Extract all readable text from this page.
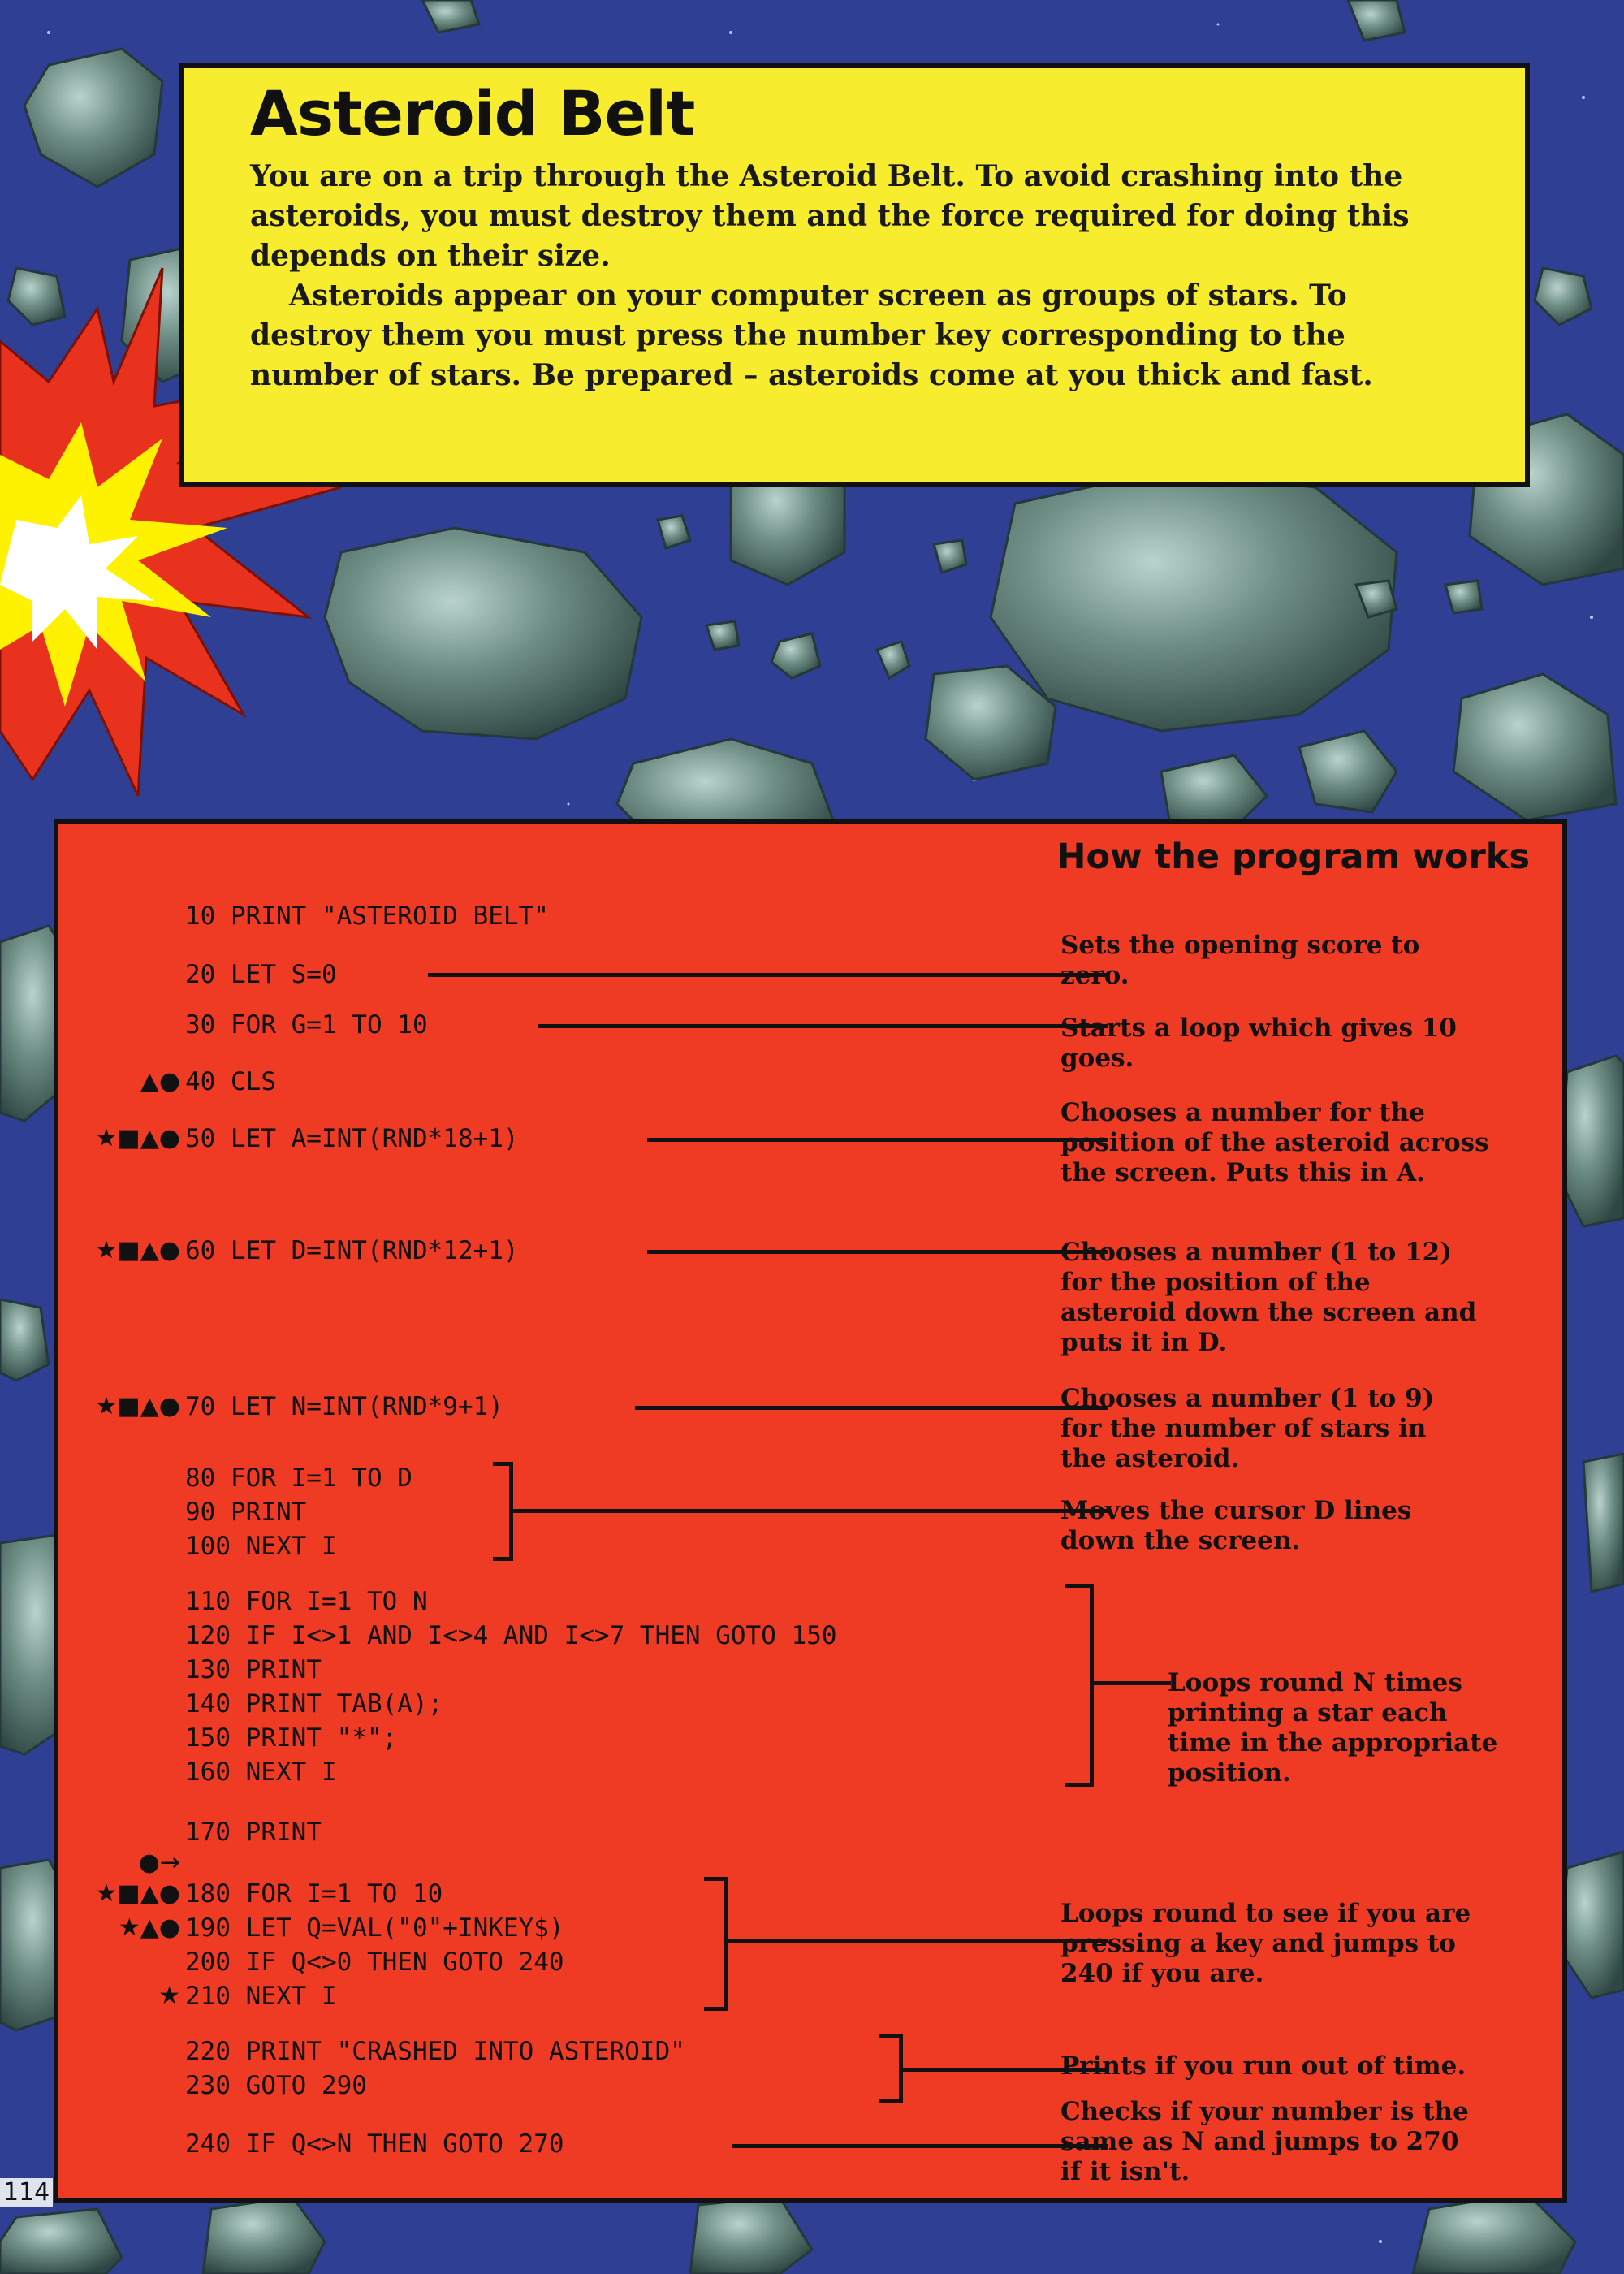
Asteroid Belt

You are on a trip through the Asteroid Belt. To avoid crashing into the asteroids, you must destroy them and the force required for doing this depends on their size.

Asteroids appear on your computer screen as groups of stars. To destroy them you must press the number key corresponding to the number of stars. Be prepared – asteroids come at you thick and fast.

How the program works
10 PRINT "ASTEROID BELT"
20 LET S=0
30 FOR G=1 TO 10
40 CLS
50 LET A=INT(RND*18+1)
60 LET D=INT(RND*12+1)
70 LET N=INT(RND*9+1)
80 FOR I=1 TO D
90 PRINT
100 NEXT I
110 FOR I=1 TO N
120 IF I<>1 AND I<>4 AND I<>7 THEN GOTO 150
130 PRINT
140 PRINT TAB(A);
150 PRINT "*";
160 NEXT I
170 PRINT
180 FOR I=1 TO 10
190 LET Q=VAL("0"+INKEY$)
200 IF Q<>0 THEN GOTO 240
210 NEXT I
220 PRINT "CRASHED INTO ASTEROID"
230 GOTO 290
240 IF Q<>N THEN GOTO 270
▲●
★■▲●
★■▲●
★■▲●
●→
★■▲●
★▲●
★
Sets the opening score to zero.
Starts a loop which gives 10 goes.
Chooses a number for the position of the asteroid across the screen. Puts this in A.
Chooses a number (1 to 12) for the position of the asteroid down the screen and puts it in D.
Chooses a number (1 to 9) for the number of stars in the asteroid.
Moves the cursor D lines down the screen.
Loops round N times printing a star each time in the appropriate position.
Loops round to see if you are pressing a key and jumps to 240 if you are.
Prints if you run out of time.
Checks if your number is the same as N and jumps to 270 if it isn't.
114
